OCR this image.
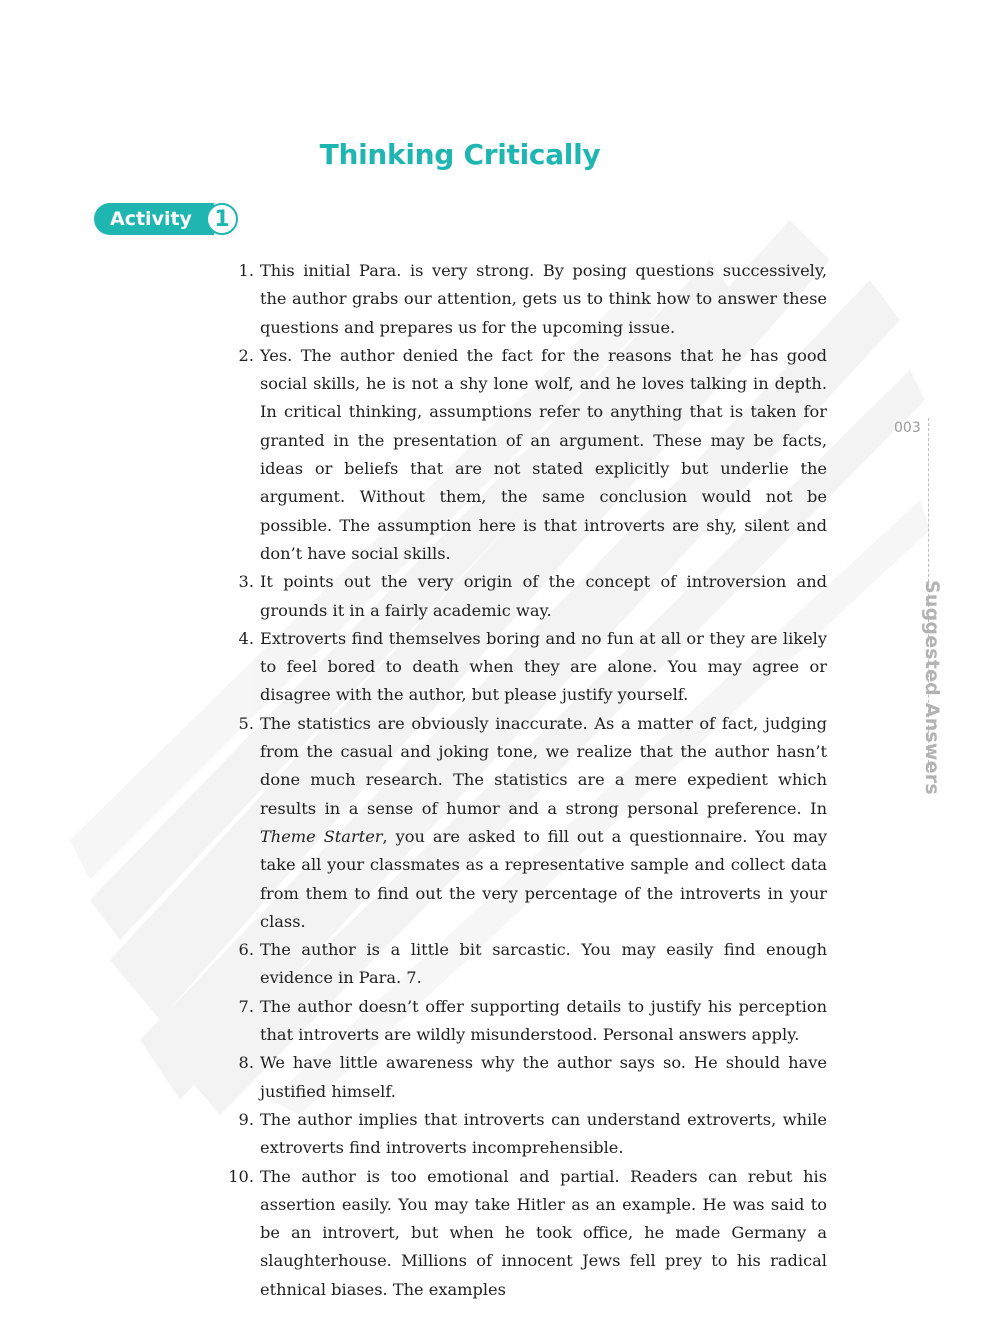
Thinking Critically
Activity	1
1. This initial Para. is very strong. By posing questions successively, the author grabs our attention, gets us to think how to answer these questions and prepares us for the upcoming issue.
2. Yes. The author denied the fact for the reasons that he has good social skills, he is not a shy lone wolf, and he loves talking in depth. In critical thinking, assumptions refer to anything that is taken for granted in the presentation of an argument. These may be facts, ideas or beliefs that are not stated explicitly but underlie the argument. Without them, the same conclusion would not be possible. The assumption here is that introverts are shy, silent and don’t have social skills.
3. It points out the very origin of the concept of introversion and grounds it in a fairly academic way.
4. Extroverts find themselves boring and no fun at all or they are likely to feel bored to death when they are alone. You may agree or disagree with the author, but please justify yourself.
5. The statistics are obviously inaccurate. As a matter of fact, judging from the casual and joking tone, we realize that the author hasn’t done much research. The statistics are a mere expedient which results in a sense of humor and a strong personal preference. In Theme Starter, you are asked to fill out a questionnaire. You may take all your classmates as a representative sample and collect data from them to find out the very percentage of the introverts in your class.
6. The author is a little bit sarcastic. You may easily find enough evidence in Para. 7.
7. The author doesn’t offer supporting details to justify his perception that introverts are wildly misunderstood. Personal answers apply.
8. We have little awareness why the author says so. He should have justified himself.
9. The author implies that introverts can understand extroverts, while extroverts find introverts incomprehensible.
10. The author is too emotional and partial. Readers can rebut his assertion easily. You may take Hitler as an example. He was said to be an introvert, but when he took office, he made Germany a slaughterhouse. Millions of innocent Jews fell prey to his radical ethnical biases. The examples
003
Suggested Answers
